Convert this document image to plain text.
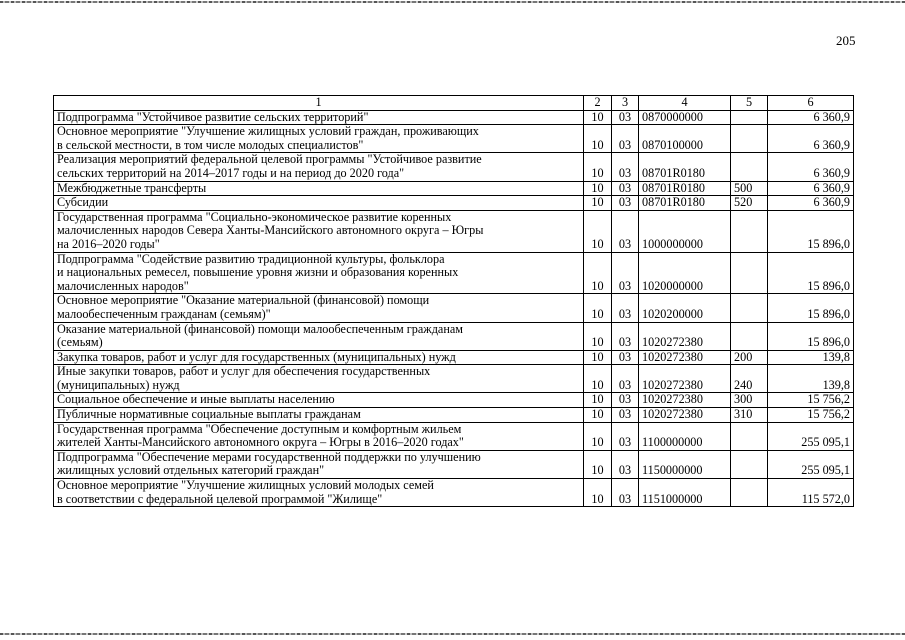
205
1	2	3	4	5	6
Подпрограмма "Устойчивое развитие сельских территорий"	10	03	0870000000		6 360,9
Основное мероприятие "Улучшение жилищных условий граждан, проживающих
в сельской местности, в том числе молодых специалистов"	10	03	0870100000		6 360,9
Реализация мероприятий федеральной целевой программы "Устойчивое развитие
сельских территорий на 2014–2017 годы и на период до 2020 года"	10	03	08701R0180		6 360,9
Межбюджетные трансферты	10	03	08701R0180	500	6 360,9
Субсидии	10	03	08701R0180	520	6 360,9
Государственная программа "Социально-экономическое развитие коренных
малочисленных народов Севера Ханты-Мансийского автономного округа – Югры
на 2016–2020 годы"	10	03	1000000000		15 896,0
Подпрограмма "Содействие развитию традиционной культуры, фольклора
и национальных ремесел, повышение уровня жизни и образования коренных
малочисленных народов"	10	03	1020000000		15 896,0
Основное мероприятие "Оказание материальной (финансовой) помощи
малообеспеченным гражданам (семьям)"	10	03	1020200000		15 896,0
Оказание материальной (финансовой) помощи малообеспеченным гражданам
(семьям)	10	03	1020272380		15 896,0
Закупка товаров, работ и услуг для государственных (муниципальных) нужд	10	03	1020272380	200	139,8
Иные закупки товаров, работ и услуг для обеспечения государственных
(муниципальных) нужд	10	03	1020272380	240	139,8
Социальное обеспечение и иные выплаты населению	10	03	1020272380	300	15 756,2
Публичные нормативные социальные выплаты гражданам	10	03	1020272380	310	15 756,2
Государственная программа "Обеспечение доступным и комфортным жильем
жителей Ханты-Мансийского автономного округа – Югры в 2016–2020 годах"	10	03	1100000000		255 095,1
Подпрограмма "Обеспечение мерами государственной поддержки по улучшению
жилищных условий отдельных категорий граждан"	10	03	1150000000		255 095,1
Основное мероприятие "Улучшение жилищных условий молодых семей
в соответствии с федеральной целевой программой "Жилище"	10	03	1151000000		115 572,0
